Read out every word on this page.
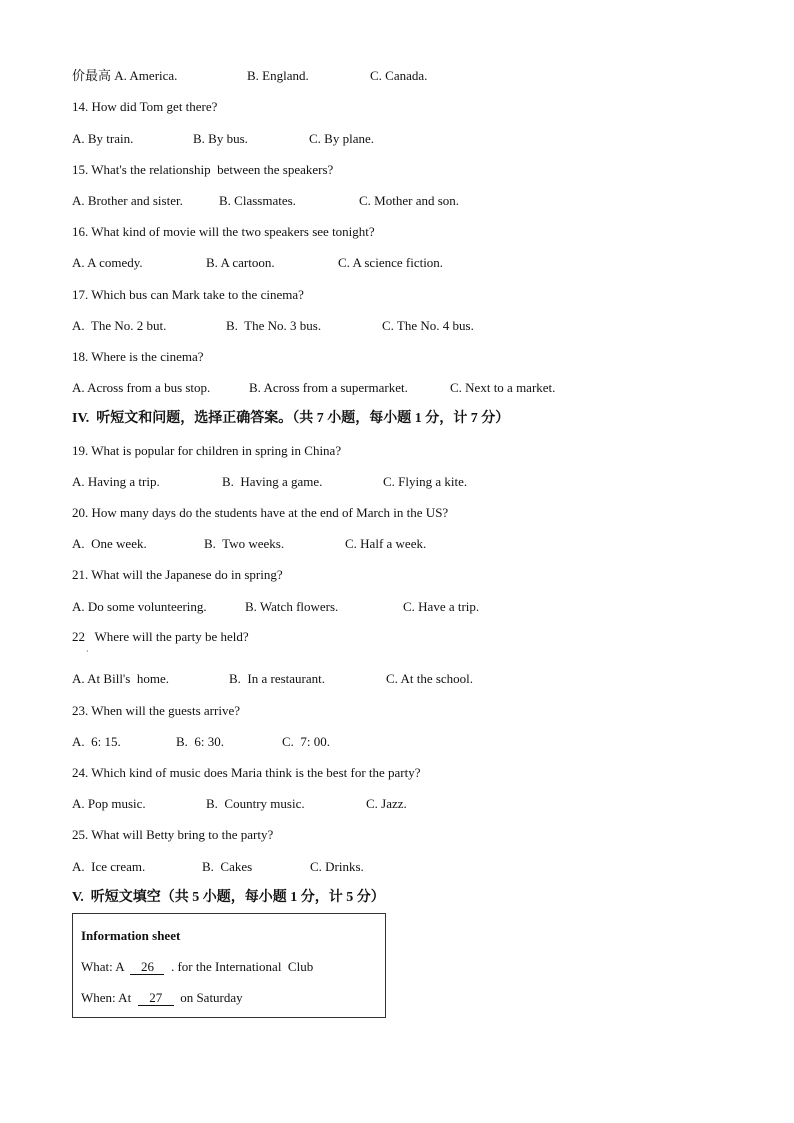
价最高 A. America.	B. England.	C. Canada.
14. How did Tom get there?
A. By train.	B. By bus.	C. By plane.
15. What's the relationship  between the speakers?
A. Brother and sister.	B. Classmates.	C. Mother and son.
16. What kind of movie will the two speakers see tonight?
A. A comedy.	B. A cartoon.	C. A science fiction.
17. Which bus can Mark take to the cinema?
A.  The No. 2 but.	B.  The No. 3 bus.	C. The No. 4 bus.
18. Where is the cinema?
A. Across from a bus stop.	B. Across from a supermarket.	C. Next to a market.
IV.  听短文和问题，选择正确答案。（共 7 小题，每小题 1 分，计 7 分）
19. What is popular for children in spring in China?
A. Having a trip.	B.  Having a game.	C. Flying a kite.
20. How many days do the students have at the end of March in the US?
A.  One week.	B.  Two weeks.	C. Half a week.
21. What will the Japanese do in spring?
A. Do some volunteering.	B. Watch flowers.	C. Have a trip.
22   Where will the party be held?
·
A. At Bill's  home.	B.  In a restaurant.	C. At the school.
23. When will the guests arrive?
A.  6: 15.	B.  6: 30.	C.  7: 00.
24. Which kind of music does Maria think is the best for the party?
A. Pop music.	B.  Country music.	C. Jazz.
25. What will Betty bring to the party?
A.  Ice cream.	B.  Cakes	C. Drinks.
V.  听短文填空（共 5 小题，每小题 1 分，计 5 分）
Information sheet
What: A 26 . for the International  Club
When: At 27 on Saturday
